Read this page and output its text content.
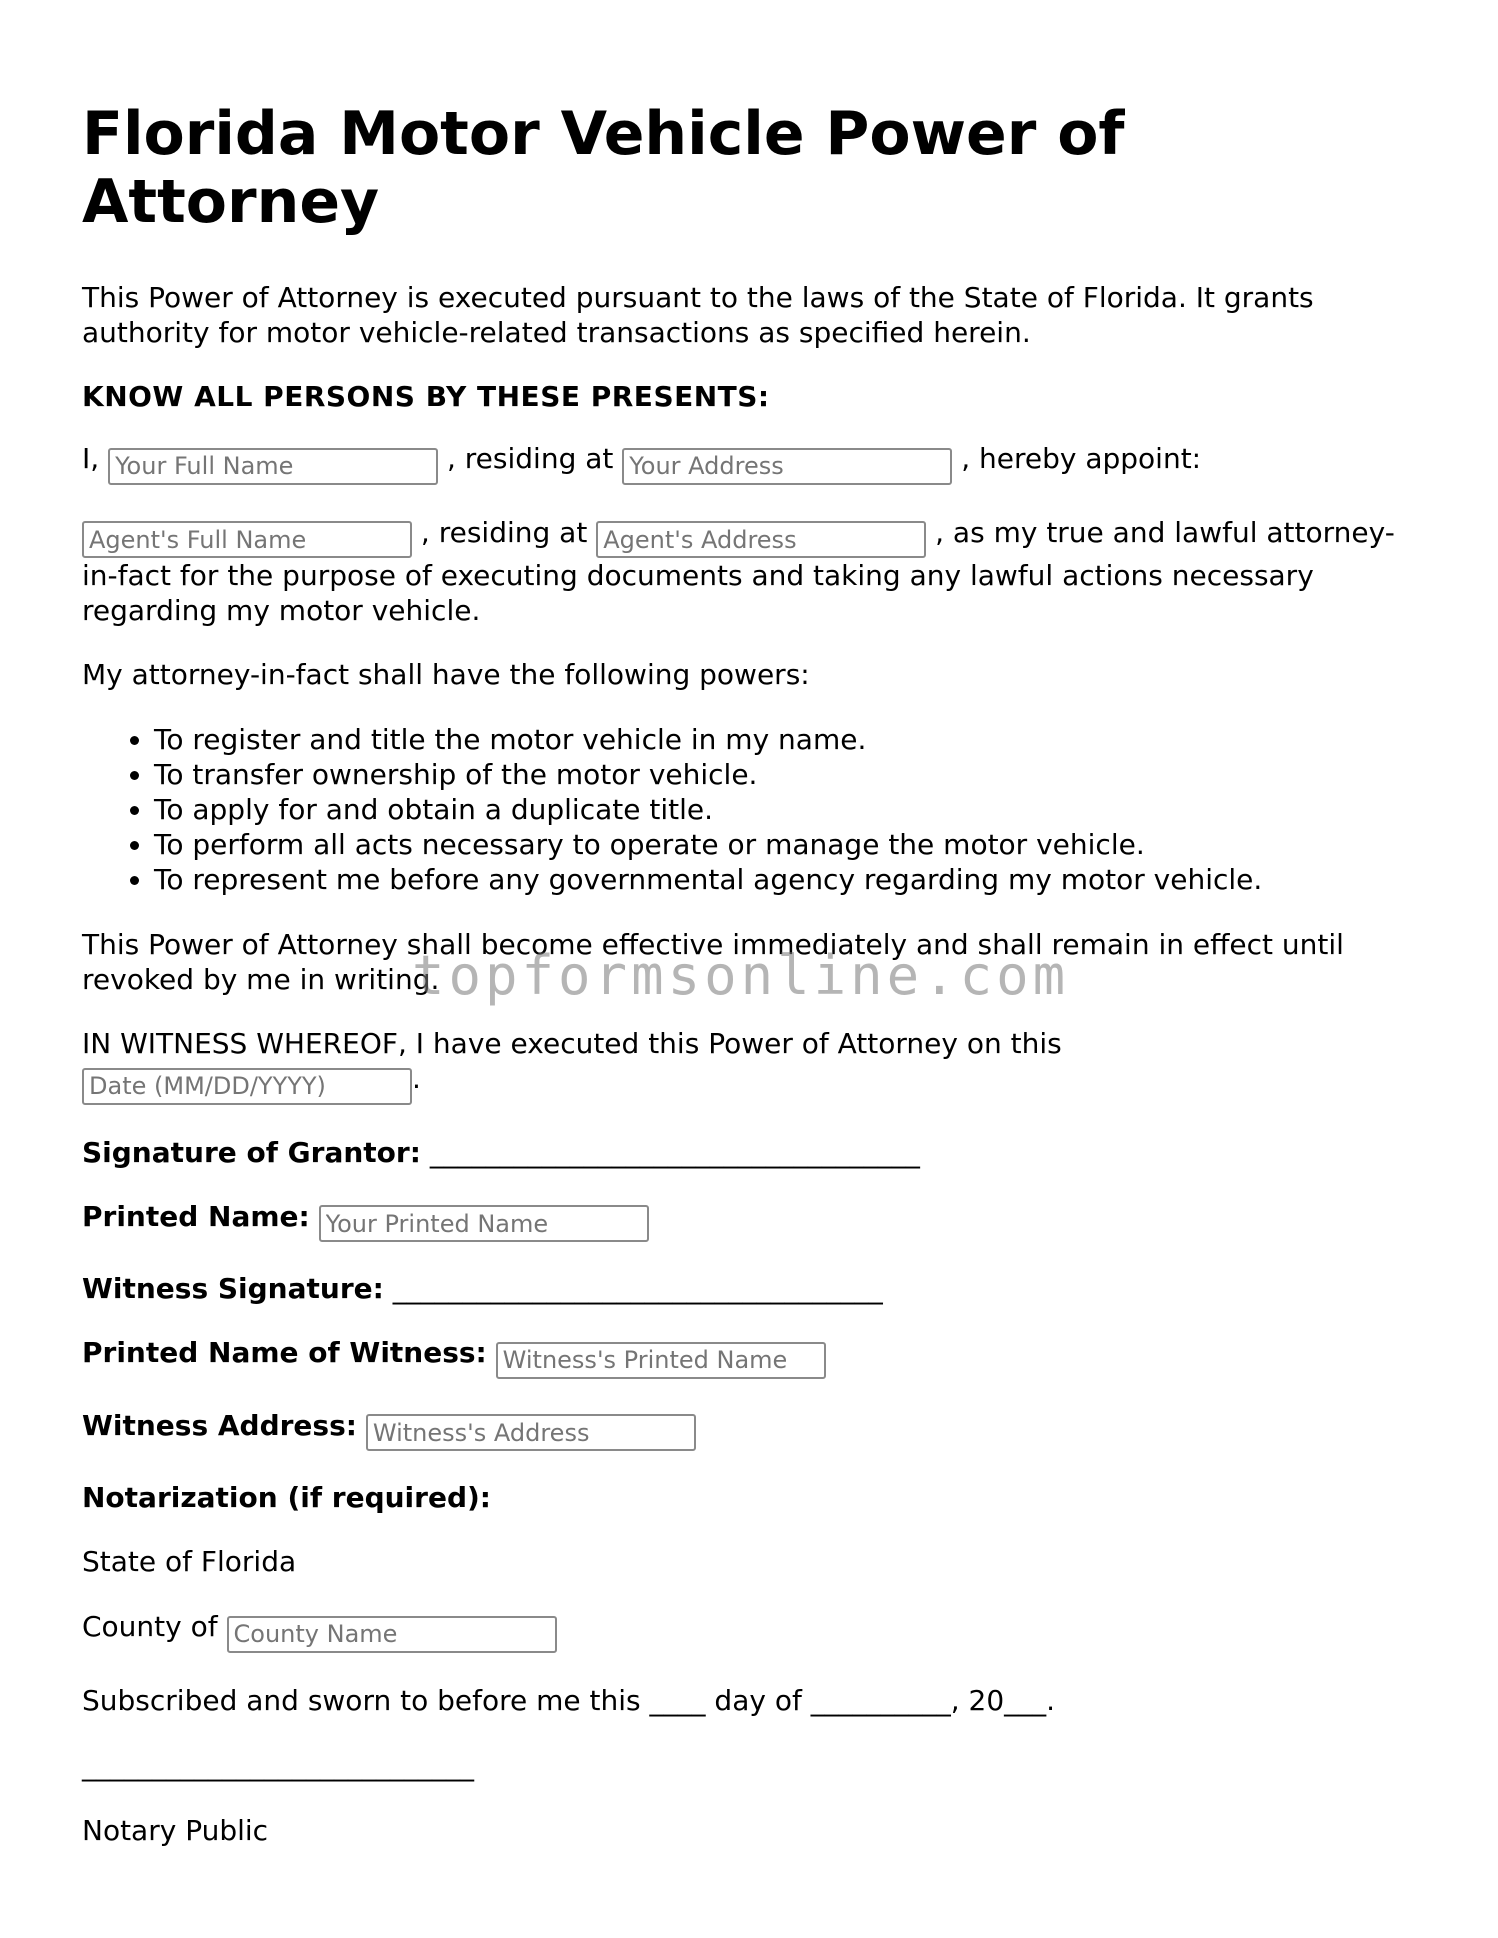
Florida Motor Vehicle Power of Attorney

This Power of Attorney is executed pursuant to the laws of the State of Florida. It grants authority for motor vehicle-related transactions as specified herein.

KNOW ALL PERSONS BY THESE PRESENTS:

I, Your Full Name	, residing at Your Address	, hereby appoint:

Agent's Full Name , residing at Agent's Address	, as my true and lawful attorney-in-fact for the purpose of executing documents and taking any lawful actions necessary regarding my motor vehicle.

My attorney-in-fact shall have the following powers:

• To register and title the motor vehicle in my name.
• To transfer ownership of the motor vehicle.
• To apply for and obtain a duplicate title.
• To perform all acts necessary to operate or manage the motor vehicle.
• To represent me before any governmental agency regarding my motor vehicle.

This Power of Attorney shall become effective immediately and shall remain in effect until revoked by me in writing.

IN WITNESS WHEREOF, I have executed this Power of Attorney on this
Date (MM/DD/YYYY).

Signature of Grantor: ___________________________________

Printed Name: Your Printed Name

Witness Signature: ___________________________________

Printed Name of Witness: Witness's Printed Name

Witness Address: Witness's Address

Notarization (if required):

State of Florida

County of County Name

Subscribed and sworn to before me this ____ day of __________, 20___.

____________________________

Notary Public

topformsonline.com
